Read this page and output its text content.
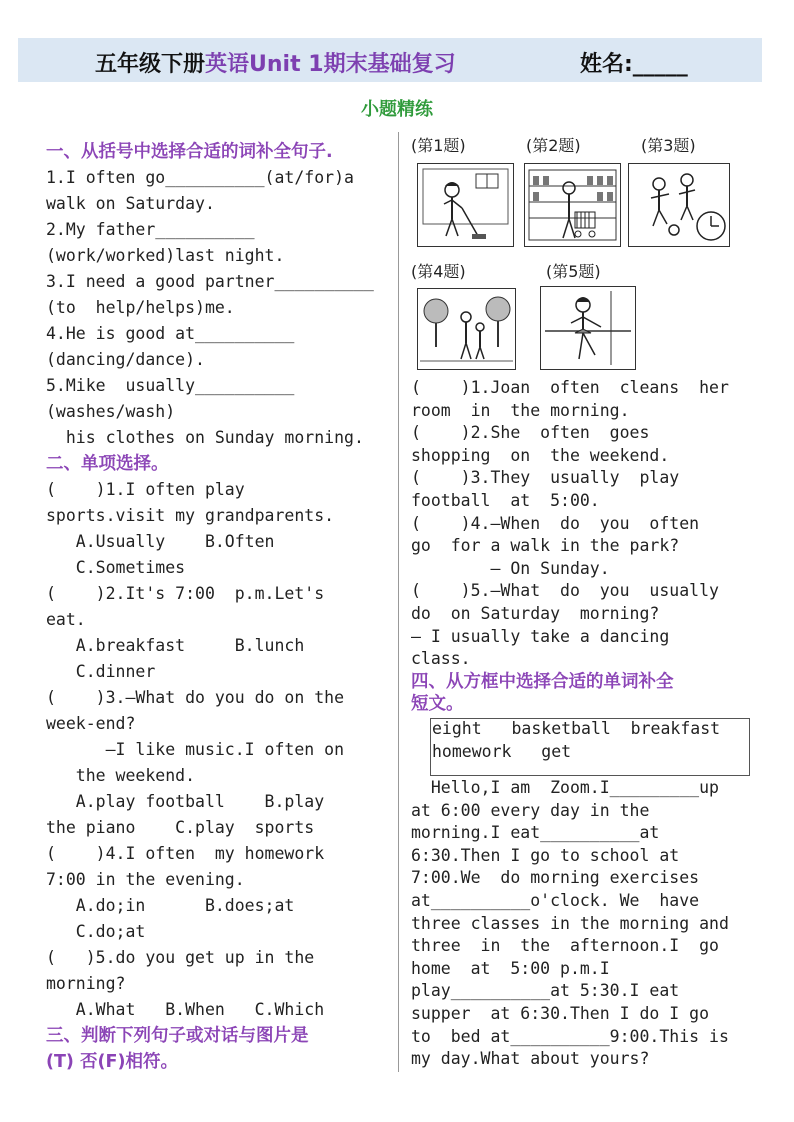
五年级下册英语Unit 1期末基础复习	姓名:_____
小题精练
一、从括号中选择合适的词补全句子.
1.I often go__________(at/for)a
walk on Saturday.
2.My father__________
(work/worked)last night.
3.I need a good partner__________
(to  help/helps)me.
4.He is good at__________
(dancing/dance).
5.Mike  usually__________
(washes/wash)
his clothes on Sunday morning.
二、单项选择。
(    )1.I often play
sports.visit my grandparents.
A.Usually    B.Often
C.Sometimes
(    )2.It's 7:00  p.m.Let's
eat.
A.breakfast     B.lunch
C.dinner
(    )3.—What do you do on the
week-end?
—I like music.I often on
the weekend.
A.play football    B.play
the piano    C.play  sports
(    )4.I often  my homework
7:00 in the evening.
A.do;in      B.does;at
C.do;at
(   )5.do you get up in the
morning?
A.What   B.When   C.Which
三、判断下列句子或对话与图片是
(T) 否(F)相符。
(第1题)	(第2题)	(第3题)
(第4题)	(第5题)
(    )1.Joan  often  cleans  her
room  in  the morning.
(    )2.She  often  goes
shopping  on  the weekend.
(    )3.They  usually  play
football  at  5:00.
(    )4.—When  do  you  often
go  for a walk in the park?
— On Sunday.
(    )5.—What  do  you  usually
do  on Saturday  morning?
— I usually take a dancing
class.
四、从方框中选择合适的单词补全
短文。
eight   basketball  breakfast
homework   get
Hello,I am  Zoom.I_________up
at 6:00 every day in the
morning.I eat__________at
6:30.Then I go to school at
7:00.We  do morning exercises
at__________o'clock. We  have
three classes in the morning and
three  in  the  afternoon.I  go
home  at  5:00 p.m.I
play__________at 5:30.I eat
supper  at 6:30.Then I do I go
to  bed at__________9:00.This is
my day.What about yours?
